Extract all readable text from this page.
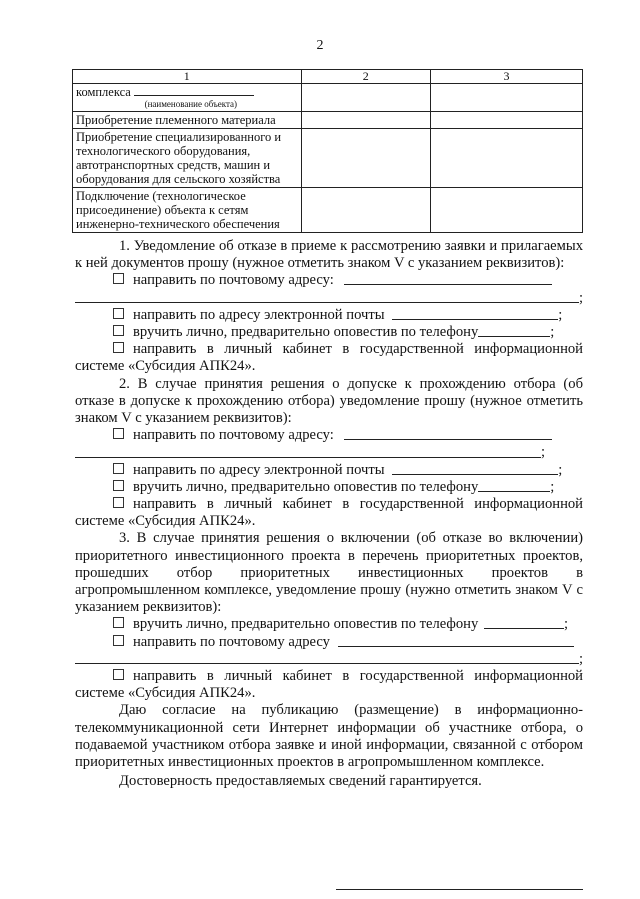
2
1	2	3
комплекса
(наименование объекта)		

Приобретение племенного материала		
Приобретение специализированного и технологического оборудования, автотранспортных средств, машин и оборудования для сельского хозяйства		
Подключение (технологическое присоединение) объекта к сетям инженерно-технического обеспечения		

1. Уведомление об отказе в приеме к рассмотрению заявки и прилагаемых к ней документов прошу (нужное отметить знаком V с указанием реквизитов):

направить по почтовому адресу:
;
направить по адресу электронной почты	;
вручить лично, предварительно оповестив по телефону	;

направить в личный кабинет в государственной информационной системе «Субсидия АПК24».

2. В случае принятия решения о допуске к прохождению отбора (об отказе в допуске к прохождению отбора) уведомление прошу (нужное отметить знаком V с указанием реквизитов):

направить по почтовому адресу:
;
направить по адресу электронной почты	;
вручить лично, предварительно оповестив по телефону	;

направить в личный кабинет в государственной информационной системе «Субсидия АПК24».

3. В случае принятия решения о включении (об отказе во включении) приоритетного инвестиционного проекта в перечень приоритетных проектов, прошедших отбор приоритетных инвестиционных проектов в агропромышленном комплексе, уведомление прошу (нужно отметить знаком V с указанием реквизитов):

вручить лично, предварительно оповестив по телефону	;
направить по почтовому адресу
;

направить в личный кабинет в государственной информационной системе «Субсидия АПК24».

Даю согласие на публикацию (размещение) в информационно-телекоммуникационной сети Интернет информации об участнике отбора, о подаваемой участником отбора заявке и иной информации, связанной с отбором приоритетных инвестиционных проектов в агропромышленном комплексе.

Достоверность предоставляемых сведений гарантируется.
